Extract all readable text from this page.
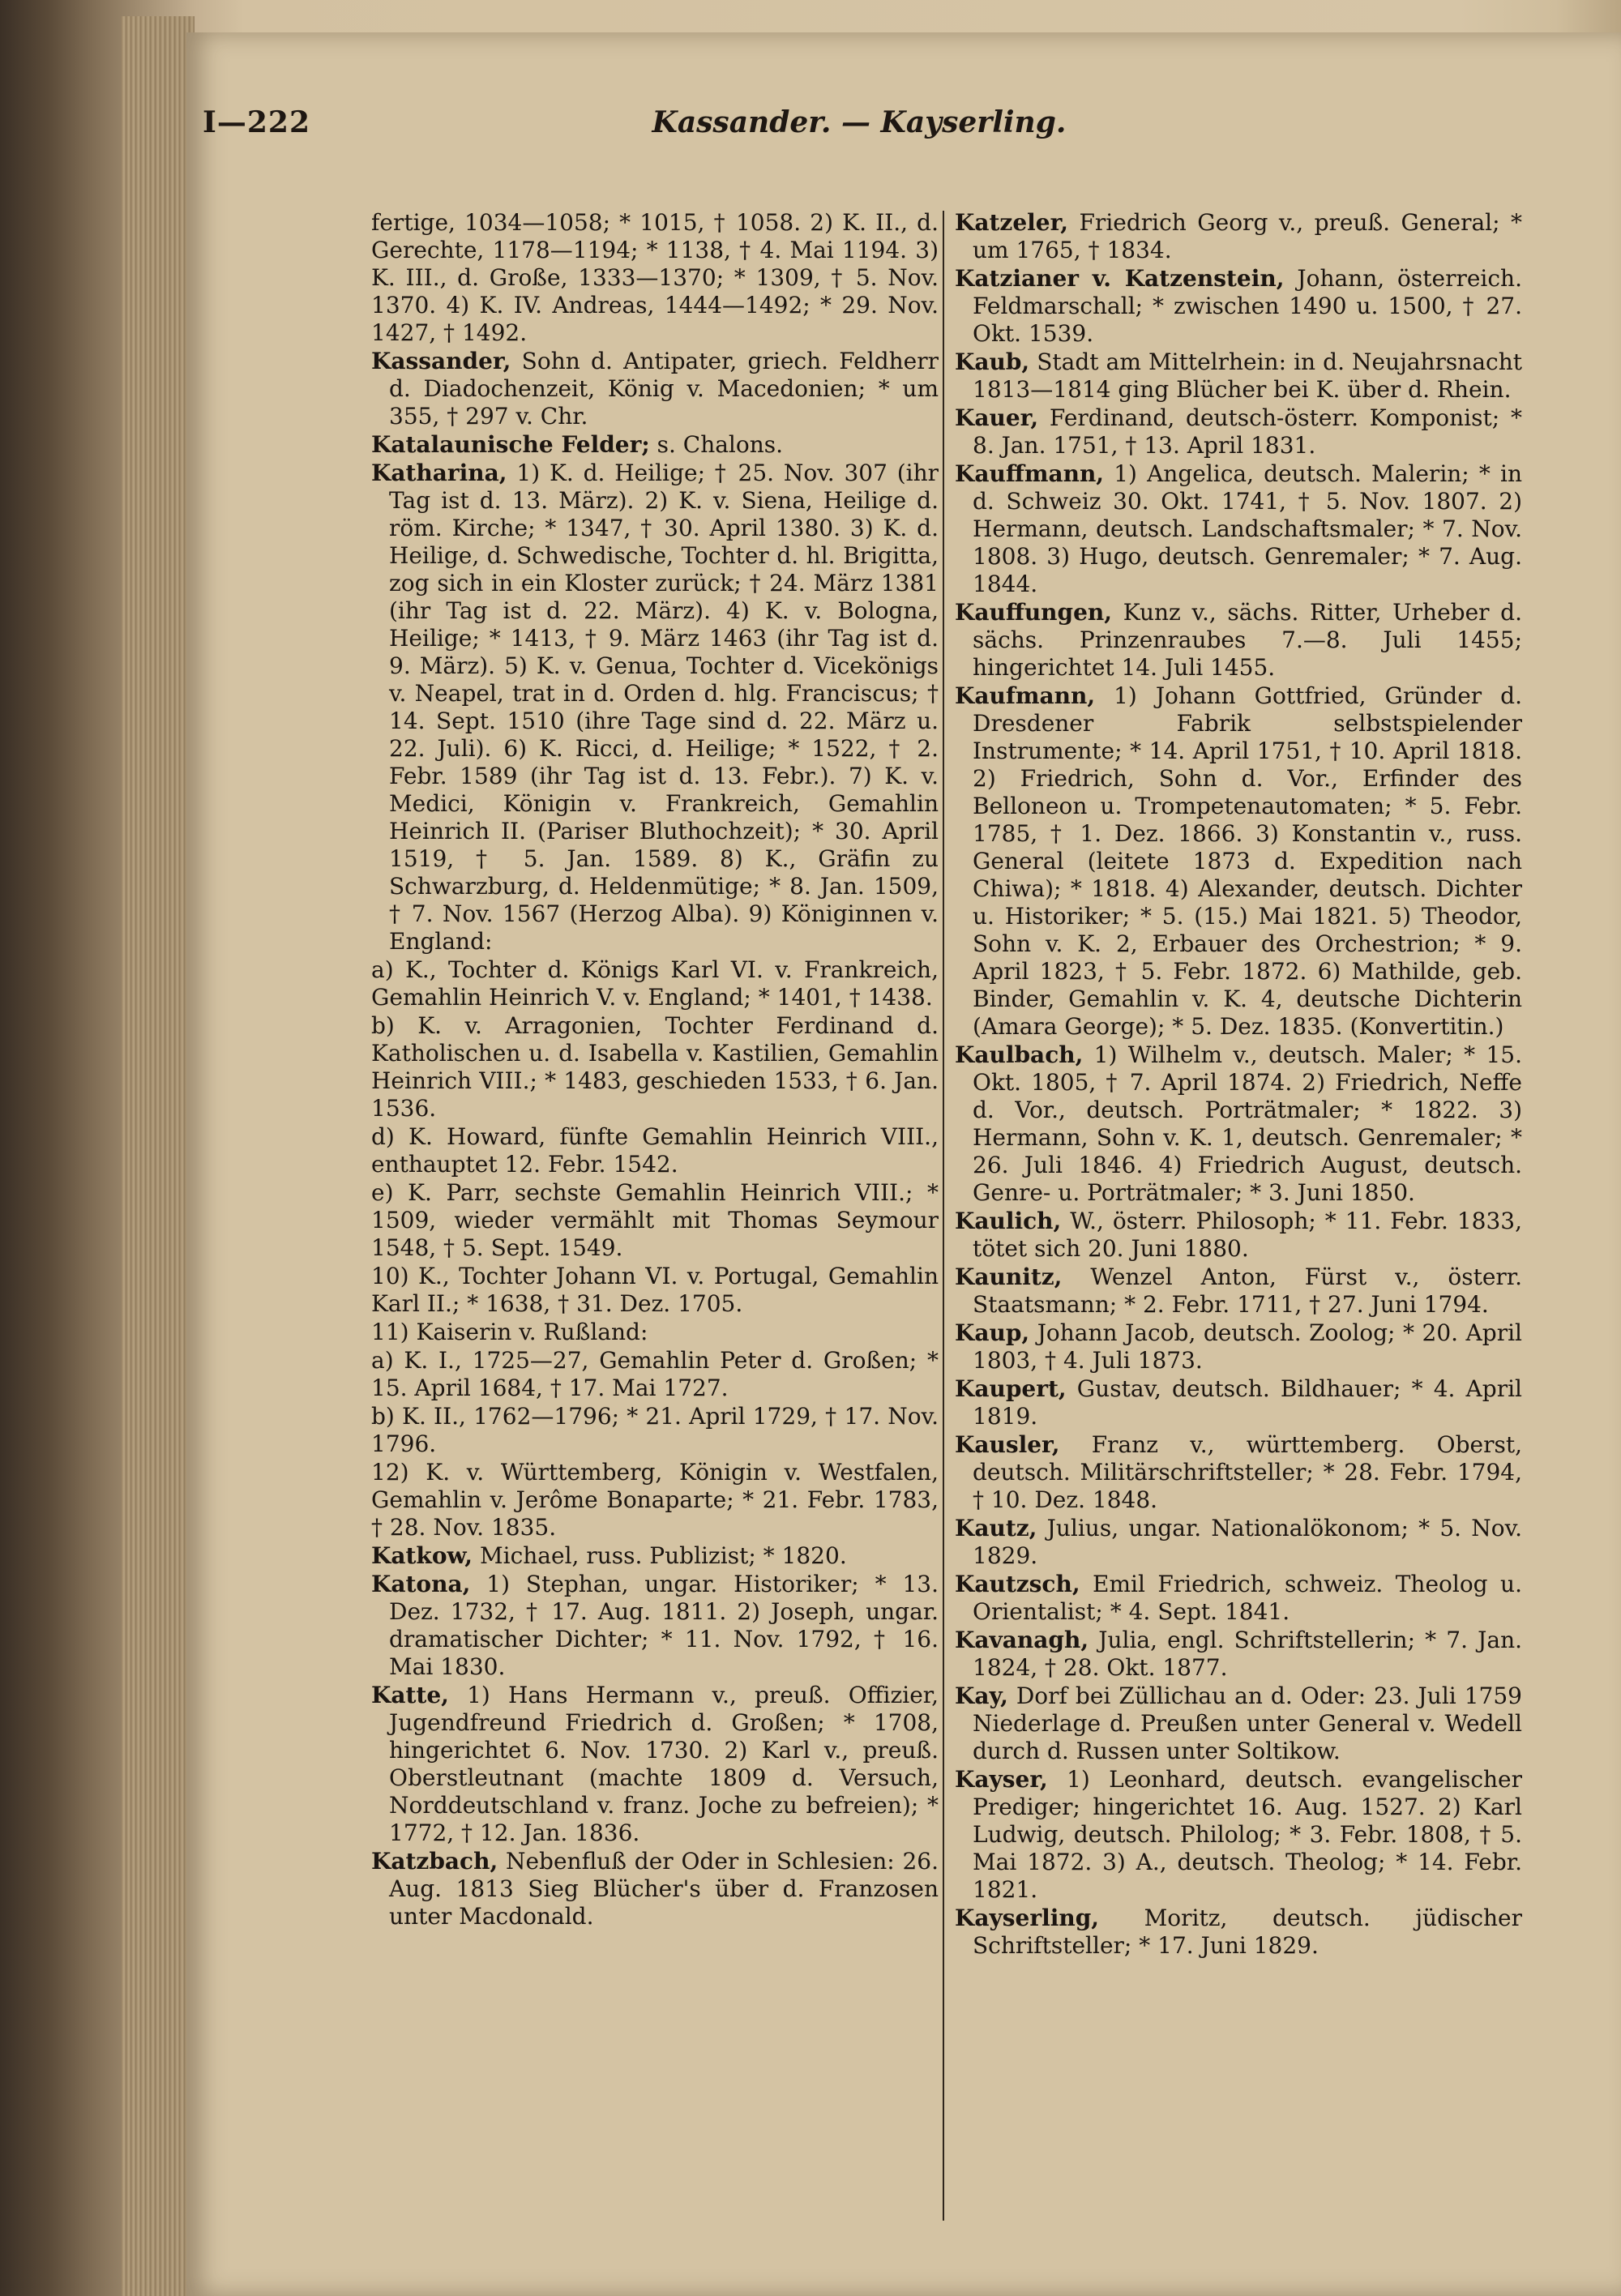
I—222	Kassander. — Kayserling.

fertige, 1034—1058; * 1015, † 1058. 2) K. II., d. Gerechte, 1178—1194; * 1138, † 4. Mai 1194. 3) K. III., d. Große, 1333—1370; * 1309, † 5. Nov. 1370. 4) K. IV. Andreas, 1444—1492; * 29. Nov. 1427, † 1492.

Kassander, Sohn d. Antipater, griech. Feldherr d. Diadochenzeit, König v. Macedonien; * um 355, † 297 v. Chr.

Katalaunische Felder; s. Chalons.

Katharina, 1) K. d. Heilige; † 25. Nov. 307 (ihr Tag ist d. 13. März). 2) K. v. Siena, Heilige d. röm. Kirche; * 1347, † 30. April 1380. 3) K. d. Heilige, d. Schwedische, Tochter d. hl. Brigitta, zog sich in ein Kloster zurück; † 24. März 1381 (ihr Tag ist d. 22. März). 4) K. v. Bologna, Heilige; * 1413, † 9. März 1463 (ihr Tag ist d. 9. März). 5) K. v. Genua, Tochter d. Vicekönigs v. Neapel, trat in d. Orden d. hlg. Franciscus; † 14. Sept. 1510 (ihre Tage sind d. 22. März u. 22. Juli). 6) K. Ricci, d. Heilige; * 1522, † 2. Febr. 1589 (ihr Tag ist d. 13. Febr.). 7) K. v. Medici, Königin v. Frankreich, Gemahlin Heinrich II. (Pariser Bluthochzeit); * 30. April 1519, † 5. Jan. 1589. 8) K., Gräfin zu Schwarzburg, d. Heldenmütige; * 8. Jan. 1509, † 7. Nov. 1567 (Herzog Alba). 9) Königinnen v. England:

a) K., Tochter d. Königs Karl VI. v. Frankreich, Gemahlin Heinrich V. v. England; * 1401, † 1438.

b) K. v. Arragonien, Tochter Ferdinand d. Katholischen u. d. Isabella v. Kastilien, Gemahlin Heinrich VIII.; * 1483, geschieden 1533, † 6. Jan. 1536.

d) K. Howard, fünfte Gemahlin Heinrich VIII., enthauptet 12. Febr. 1542.

e) K. Parr, sechste Gemahlin Heinrich VIII.; * 1509, wieder vermählt mit Thomas Seymour 1548, † 5. Sept. 1549.

10) K., Tochter Johann VI. v. Portugal, Gemahlin Karl II.; * 1638, † 31. Dez. 1705.

11) Kaiserin v. Rußland:

a) K. I., 1725—27, Gemahlin Peter d. Großen; * 15. April 1684, † 17. Mai 1727.

b) K. II., 1762—1796; * 21. April 1729, † 17. Nov. 1796.

12) K. v. Württemberg, Königin v. Westfalen, Gemahlin v. Jerôme Bonaparte; * 21. Febr. 1783, † 28. Nov. 1835.

Katkow, Michael, russ. Publizist; * 1820.

Katona, 1) Stephan, ungar. Historiker; * 13. Dez. 1732, † 17. Aug. 1811. 2) Joseph, ungar. dramatischer Dichter; * 11. Nov. 1792, † 16. Mai 1830.

Katte, 1) Hans Hermann v., preuß. Offizier, Jugendfreund Friedrich d. Großen; * 1708, hingerichtet 6. Nov. 1730. 2) Karl v., preuß. Oberstleutnant (machte 1809 d. Versuch, Norddeutschland v. franz. Joche zu befreien); * 1772, † 12. Jan. 1836.

Katzbach, Nebenfluß der Oder in Schlesien: 26. Aug. 1813 Sieg Blücher's über d. Franzosen unter Macdonald.

Katzeler, Friedrich Georg v., preuß. General; * um 1765, † 1834.

Katzianer v. Katzenstein, Johann, österreich. Feldmarschall; * zwischen 1490 u. 1500, † 27. Okt. 1539.

Kaub, Stadt am Mittelrhein: in d. Neujahrsnacht 1813—1814 ging Blücher bei K. über d. Rhein.

Kauer, Ferdinand, deutsch-österr. Komponist; * 8. Jan. 1751, † 13. April 1831.

Kauffmann, 1) Angelica, deutsch. Malerin; * in d. Schweiz 30. Okt. 1741, † 5. Nov. 1807. 2) Hermann, deutsch. Landschaftsmaler; * 7. Nov. 1808. 3) Hugo, deutsch. Genremaler; * 7. Aug. 1844.

Kauffungen, Kunz v., sächs. Ritter, Urheber d. sächs. Prinzenraubes 7.—8. Juli 1455; hingerichtet 14. Juli 1455.

Kaufmann, 1) Johann Gottfried, Gründer d. Dresdener Fabrik selbstspielender Instrumente; * 14. April 1751, † 10. April 1818. 2) Friedrich, Sohn d. Vor., Erfinder des Belloneon u. Trompetenautomaten; * 5. Febr. 1785, † 1. Dez. 1866. 3) Konstantin v., russ. General (leitete 1873 d. Expedition nach Chiwa); * 1818. 4) Alexander, deutsch. Dichter u. Historiker; * 5. (15.) Mai 1821. 5) Theodor, Sohn v. K. 2, Erbauer des Orchestrion; * 9. April 1823, † 5. Febr. 1872. 6) Mathilde, geb. Binder, Gemahlin v. K. 4, deutsche Dichterin (Amara George); * 5. Dez. 1835. (Konvertitin.)

Kaulbach, 1) Wilhelm v., deutsch. Maler; * 15. Okt. 1805, † 7. April 1874. 2) Friedrich, Neffe d. Vor., deutsch. Porträtmaler; * 1822. 3) Hermann, Sohn v. K. 1, deutsch. Genremaler; * 26. Juli 1846. 4) Friedrich August, deutsch. Genre- u. Porträtmaler; * 3. Juni 1850.

Kaulich, W., österr. Philosoph; * 11. Febr. 1833, tötet sich 20. Juni 1880.

Kaunitz, Wenzel Anton, Fürst v., österr. Staatsmann; * 2. Febr. 1711, † 27. Juni 1794.

Kaup, Johann Jacob, deutsch. Zoolog; * 20. April 1803, † 4. Juli 1873.

Kaupert, Gustav, deutsch. Bildhauer; * 4. April 1819.

Kausler, Franz v., württemberg. Oberst, deutsch. Militärschriftsteller; * 28. Febr. 1794, † 10. Dez. 1848.

Kautz, Julius, ungar. Nationalökonom; * 5. Nov. 1829.

Kautzsch, Emil Friedrich, schweiz. Theolog u. Orientalist; * 4. Sept. 1841.

Kavanagh, Julia, engl. Schriftstellerin; * 7. Jan. 1824, † 28. Okt. 1877.

Kay, Dorf bei Züllichau an d. Oder: 23. Juli 1759 Niederlage d. Preußen unter General v. Wedell durch d. Russen unter Soltikow.

Kayser, 1) Leonhard, deutsch. evangelischer Prediger; hingerichtet 16. Aug. 1527. 2) Karl Ludwig, deutsch. Philolog; * 3. Febr. 1808, † 5. Mai 1872. 3) A., deutsch. Theolog; * 14. Febr. 1821.

Kayserling, Moritz, deutsch. jüdischer Schriftsteller; * 17. Juni 1829.
